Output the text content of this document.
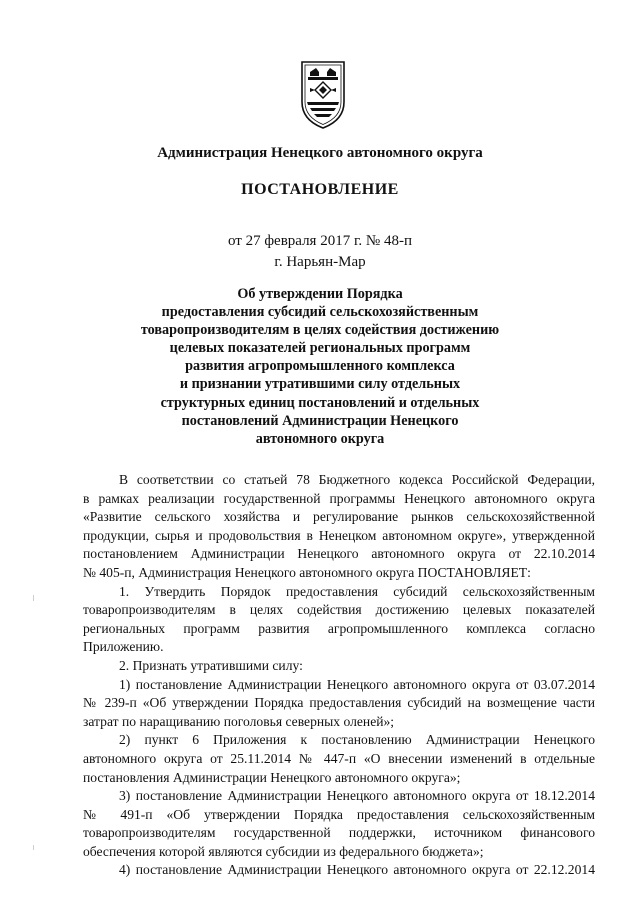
Администрация Ненецкого автономного округа
ПОСТАНОВЛЕНИЕ
от 27 февраля 2017 г. № 48-п
г. Нарьян-Мар
Об утверждении Порядка
предоставления субсидий сельскохозяйственным
товаропроизводителям в целях содействия достижению
целевых показателей региональных программ
развития агропромышленного комплекса
и признании утратившими силу отдельных
структурных единиц постановлений и отдельных
постановлений Администрации Ненецкого
автономного округа
В соответствии со статьей 78 Бюджетного кодекса Российской Федерации,
в рамках реализации государственной программы Ненецкого автономного округа
«Развитие сельского хозяйства и регулирование рынков сельскохозяйственной
продукции, сырья и продовольствия в Ненецком автономном округе», утвержденной
постановлением Администрации Ненецкого автономного округа от 22.10.2014
№ 405-п, Администрация Ненецкого автономного округа ПОСТАНОВЛЯЕТ:
1. Утвердить Порядок предоставления субсидий сельскохозяйственным
товаропроизводителям в целях содействия достижению целевых показателей
региональных программ развития агропромышленного комплекса согласно
Приложению.
2. Признать утратившими силу:
1) постановление Администрации Ненецкого автономного округа от 03.07.2014
№ 239-п «Об утверждении Порядка предоставления субсидий на возмещение части
затрат по наращиванию поголовья северных оленей»;
2) пункт 6 Приложения к постановлению Администрации Ненецкого
автономного округа от 25.11.2014 № 447-п «О внесении изменений в отдельные
постановления Администрации Ненецкого автономного округа»;
3) постановление Администрации Ненецкого автономного округа от 18.12.2014
№ 491-п «Об утверждении Порядка предоставления сельскохозяйственным
товаропроизводителям государственной поддержки, источником финансового
обеспечения которой являются субсидии из федерального бюджета»;
4) постановление Администрации Ненецкого автономного округа от 22.12.2014
